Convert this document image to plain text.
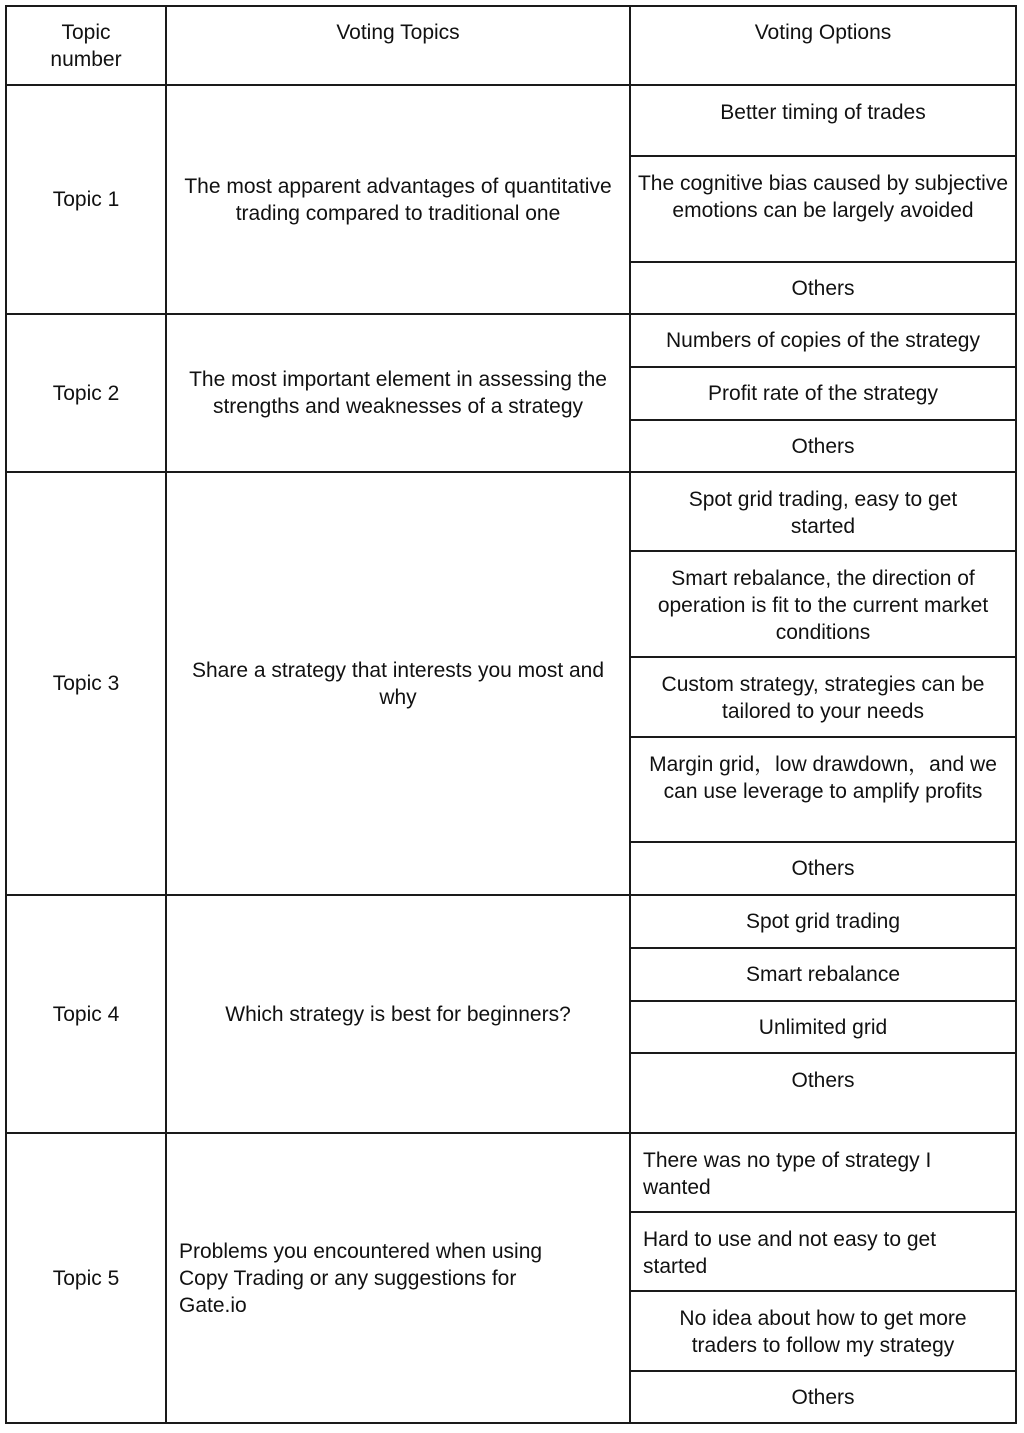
Topic number
Voting Topics	Voting Options
Topic 1
The most apparent advantages of quantitative trading compared to traditional one
Better timing of trades
The cognitive bias caused by subjective emotions can be largely avoided
Others
Topic 2
The most important element in assessing the strengths and weaknesses of a strategy
Numbers of copies of the strategy
Profit rate of the strategy
Others
Topic 3
Share a strategy that interests you most and why
Spot grid trading, easy to get started
Smart rebalance, the direction of operation is fit to the current market conditions
Custom strategy, strategies can be tailored to your needs
Margin grid，low drawdown，and we can use leverage to amplify profits
Others
Topic 4	Which strategy is best for beginners?
Spot grid trading
Smart rebalance
Unlimited grid
Others
Topic 5
Problems you encountered when using Copy Trading or any suggestions for Gate.io
There was no type of strategy I wanted
Hard to use and not easy to get started
No idea about how to get more traders to follow my strategy
Others
